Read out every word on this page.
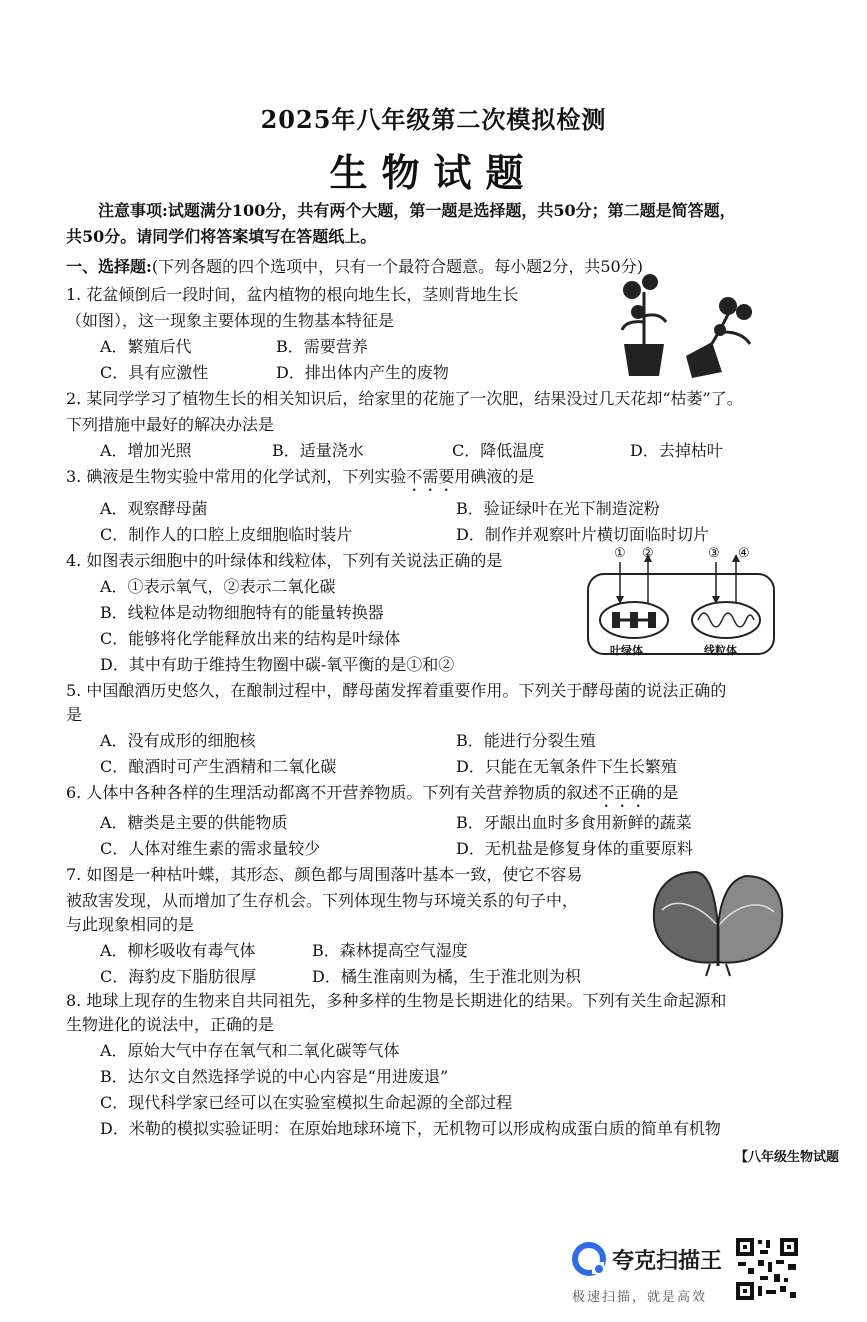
2025年八年级第二次模拟检测
生物试题
注意事项:试题满分100分，共有两个大题，第一题是选择题，共50分；第二题是简答题，
共50分。请同学们将答案填写在答题纸上。
一、选择题:(下列各题的四个选项中，只有一个最符合题意。每小题2分，共50分)
1. 花盆倾倒后一段时间，盆内植物的根向地生长，茎则背地生长
（如图），这一现象主要体现的生物基本特征是
A．繁殖后代	B．需要营养
C．具有应激性	D．排出体内产生的废物
2. 某同学学习了植物生长的相关知识后，给家里的花施了一次肥，结果没过几天花却“枯萎”了。
下列措施中最好的解决办法是
A．增加光照	B．适量浇水	C．降低温度	D．去掉枯叶
3. 碘液是生物实验中常用的化学试剂，下列实验不需要用碘液的是
A．观察酵母菌	B．验证绿叶在光下制造淀粉
C．制作人的口腔上皮细胞临时装片	D．制作并观察叶片横切面临时切片
4. 如图表示细胞中的叶绿体和线粒体，下列有关说法正确的是
A．①表示氧气，②表示二氧化碳
B．线粒体是动物细胞特有的能量转换器
C．能够将化学能释放出来的结构是叶绿体
D．其中有助于维持生物圈中碳-氧平衡的是①和②
① ②	③ ④
叶绿体	线粒体
5. 中国酿酒历史悠久，在酿制过程中，酵母菌发挥着重要作用。下列关于酵母菌的说法正确的
是
A．没有成形的细胞核	B．能进行分裂生殖
C．酿酒时可产生酒精和二氧化碳	D．只能在无氧条件下生长繁殖
6. 人体中各种各样的生理活动都离不开营养物质。下列有关营养物质的叙述不正确的是
A．糖类是主要的供能物质	B．牙龈出血时多食用新鲜的蔬菜
C．人体对维生素的需求量较少	D．无机盐是修复身体的重要原料
7. 如图是一种枯叶蝶，其形态、颜色都与周围落叶基本一致，使它不容易
被敌害发现，从而增加了生存机会。下列体现生物与环境关系的句子中，
与此现象相同的是
A．柳杉吸收有毒气体	B．森林提高空气湿度
C．海豹皮下脂肪很厚	D．橘生淮南则为橘，生于淮北则为枳
8. 地球上现存的生物来自共同祖先，多种多样的生物是长期进化的结果。下列有关生命起源和
生物进化的说法中，正确的是
A．原始大气中存在氧气和二氧化碳等气体
B．达尔文自然选择学说的中心内容是“用进废退”
C．现代科学家已经可以在实验室模拟生命起源的全部过程
D．米勒的模拟实验证明：在原始地球环境下，无机物可以形成构成蛋白质的简单有机物
【八年级生物试题
夸克扫描王
极速扫描，就是高效
